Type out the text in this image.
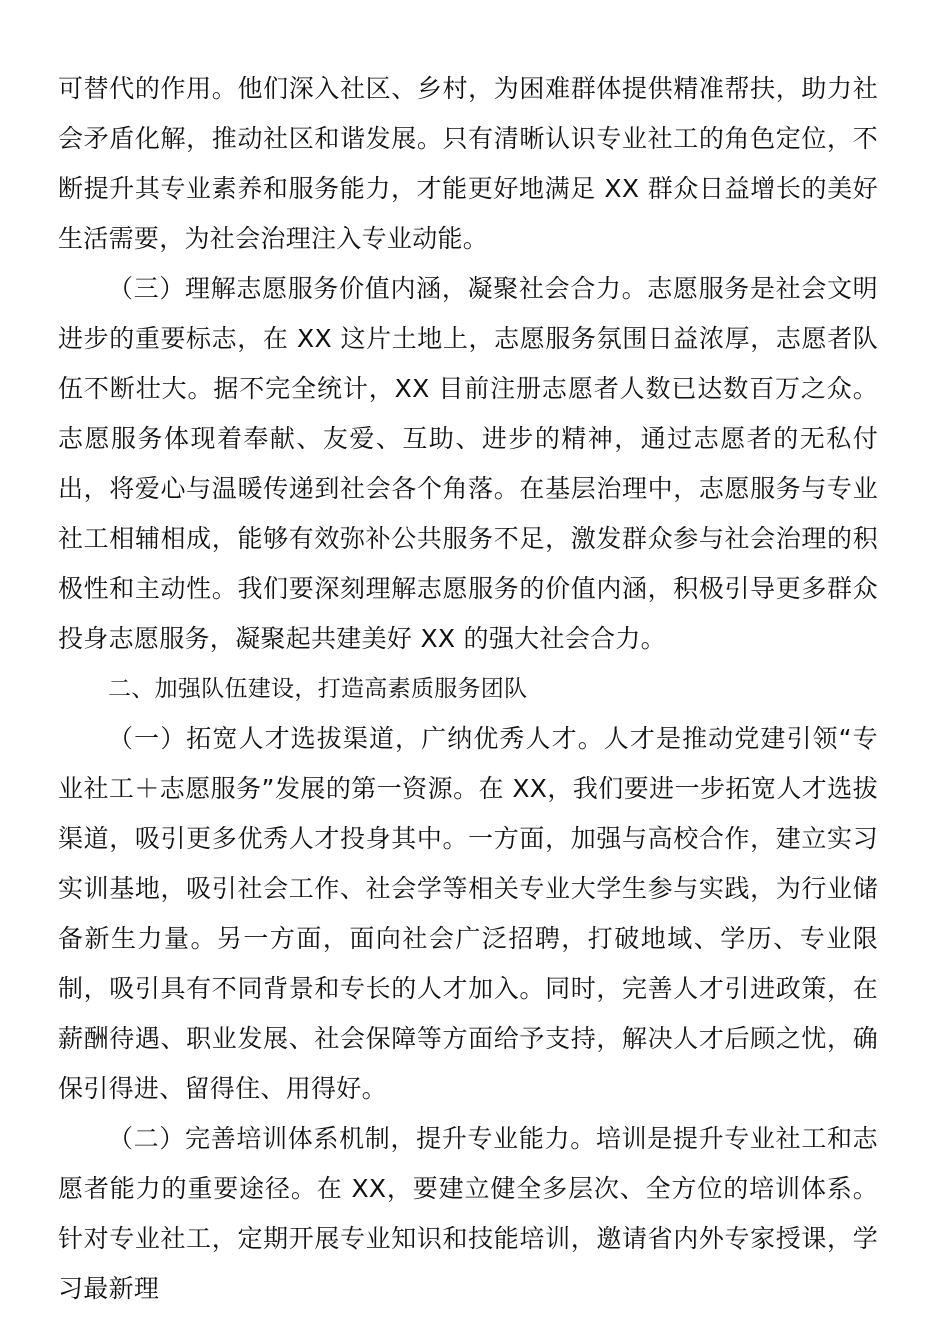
可替代的作用。他们深入社区、乡村，为困难群体提供精准帮扶，助力社会矛盾化解，推动社区和谐发展。只有清晰认识专业社工的角色定位，不断提升其专业素养和服务能力，才能更好地满足 XX 群众日益增长的美好生活需要，为社会治理注入专业动能。

（三）理解志愿服务价值内涵，凝聚社会合力。志愿服务是社会文明进步的重要标志，在 XX 这片土地上，志愿服务氛围日益浓厚，志愿者队伍不断壮大。据不完全统计，XX 目前注册志愿者人数已达数百万之众。志愿服务体现着奉献、友爱、互助、进步的精神，通过志愿者的无私付出，将爱心与温暖传递到社会各个角落。在基层治理中，志愿服务与专业社工相辅相成，能够有效弥补公共服务不足，激发群众参与社会治理的积极性和主动性。我们要深刻理解志愿服务的价值内涵，积极引导更多群众投身志愿服务，凝聚起共建美好 XX 的强大社会合力。

二、加强队伍建设，打造高素质服务团队

（一）拓宽人才选拔渠道，广纳优秀人才。人才是推动党建引领“专业社工＋志愿服务”发展的第一资源。在 XX，我们要进一步拓宽人才选拔渠道，吸引更多优秀人才投身其中。一方面，加强与高校合作，建立实习实训基地，吸引社会工作、社会学等相关专业大学生参与实践，为行业储备新生力量。另一方面，面向社会广泛招聘，打破地域、学历、专业限制，吸引具有不同背景和专长的人才加入。同时，完善人才引进政策，在薪酬待遇、职业发展、社会保障等方面给予支持，解决人才后顾之忧，确保引得进、留得住、用得好。

（二）完善培训体系机制，提升专业能力。培训是提升专业社工和志愿者能力的重要途径。在 XX，要建立健全多层次、全方位的培训体系。针对专业社工，定期开展专业知识和技能培训，邀请省内外专家授课，学习最新理
